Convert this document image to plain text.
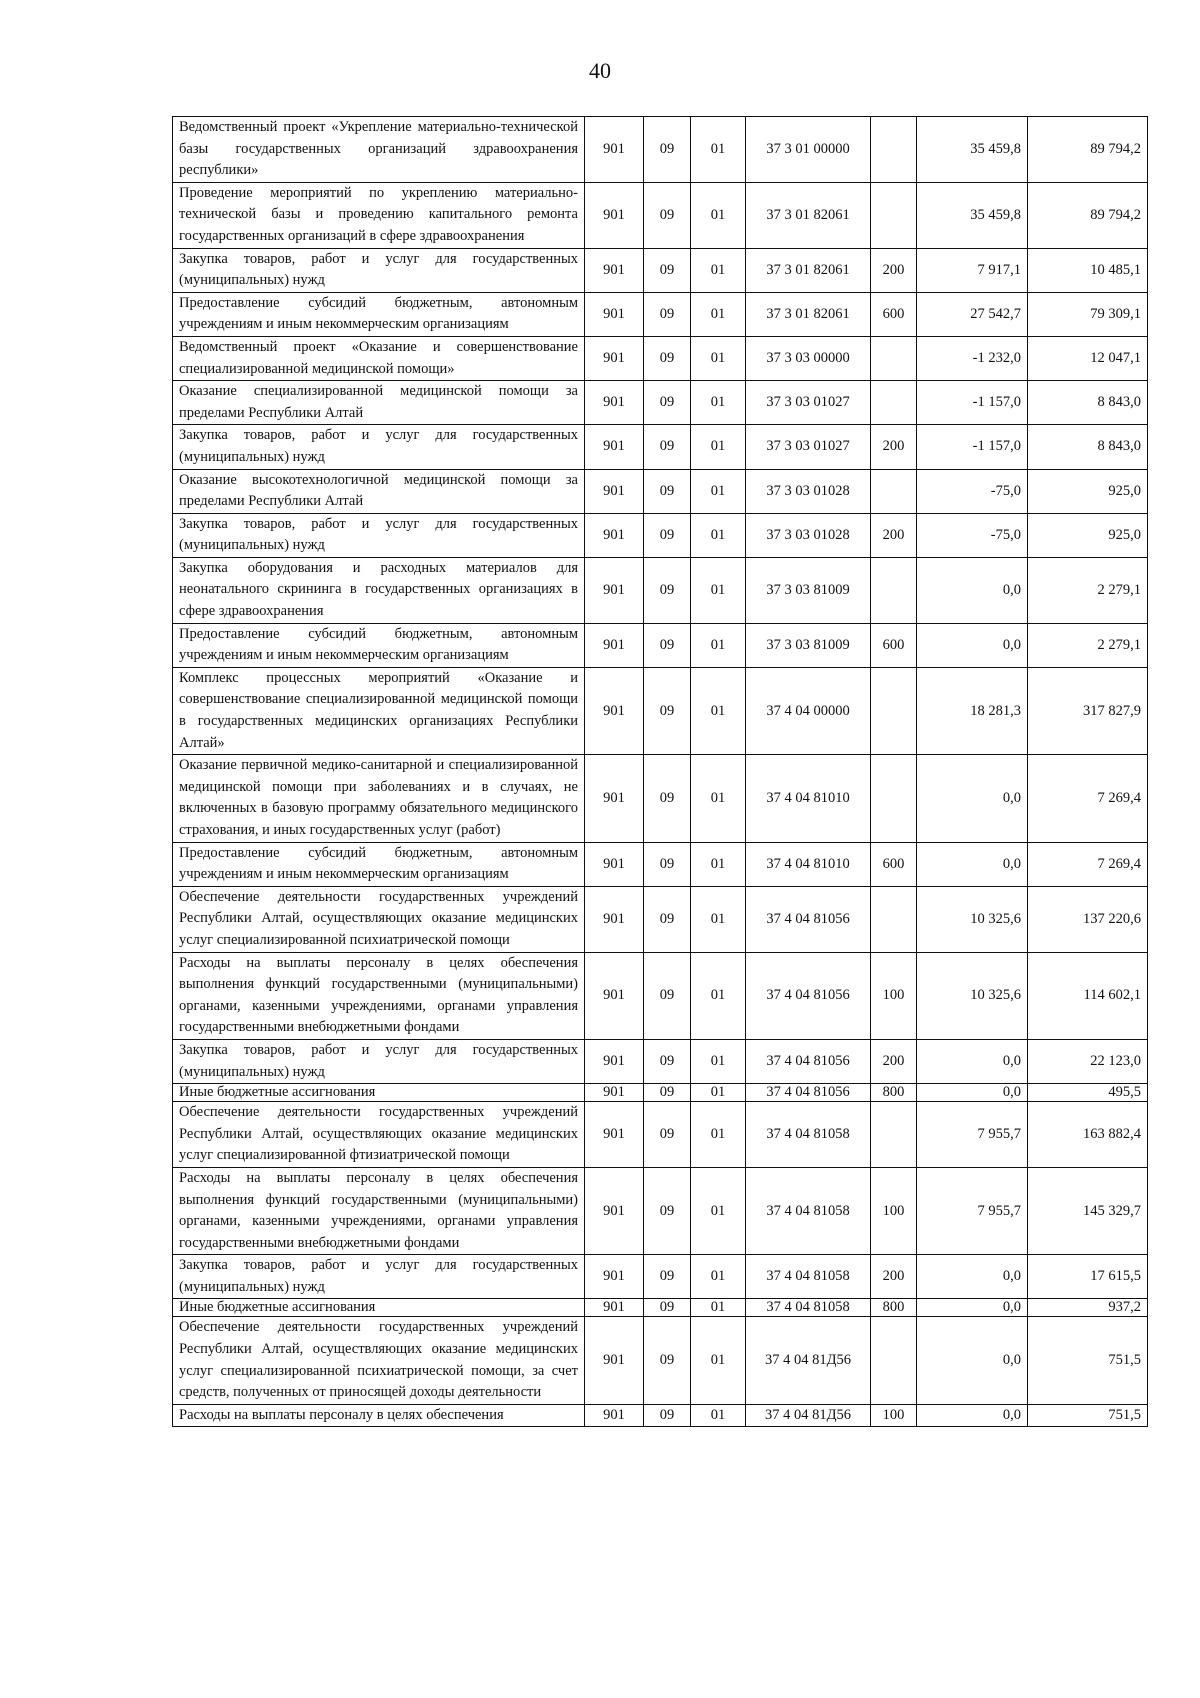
40
Ведомственный проект «Укрепление материально-технической базы государственных организаций здравоохранения республики»	901	09	01	37 3 01 00000		35 459,8	89 794,2
Проведение мероприятий по укреплению материально-технической базы и проведению капитального ремонта государственных организаций в сфере здравоохранения	901	09	01	37 3 01 82061		35 459,8	89 794,2
Закупка товаров, работ и услуг для государственных (муниципальных) нужд	901	09	01	37 3 01 82061	200	7 917,1	10 485,1
Предоставление субсидий бюджетным, автономным учреждениям и иным некоммерческим организациям	901	09	01	37 3 01 82061	600	27 542,7	79 309,1
Ведомственный проект «Оказание и совершенствование специализированной медицинской помощи»	901	09	01	37 3 03 00000		-1 232,0	12 047,1
Оказание специализированной медицинской помощи за пределами Республики Алтай	901	09	01	37 3 03 01027		-1 157,0	8 843,0
Закупка товаров, работ и услуг для государственных (муниципальных) нужд	901	09	01	37 3 03 01027	200	-1 157,0	8 843,0
Оказание высокотехнологичной медицинской помощи за пределами Республики Алтай	901	09	01	37 3 03 01028		-75,0	925,0
Закупка товаров, работ и услуг для государственных (муниципальных) нужд	901	09	01	37 3 03 01028	200	-75,0	925,0
Закупка оборудования и расходных материалов для неонатального скрининга в государственных организациях в сфере здравоохранения	901	09	01	37 3 03 81009		0,0	2 279,1
Предоставление субсидий бюджетным, автономным учреждениям и иным некоммерческим организациям	901	09	01	37 3 03 81009	600	0,0	2 279,1
Комплекс процессных мероприятий «Оказание и совершенствование специализированной медицинской помощи в государственных медицинских организациях Республики Алтай»	901	09	01	37 4 04 00000		18 281,3	317 827,9
Оказание первичной медико-санитарной и специализированной медицинской помощи при заболеваниях и в случаях, не включенных в базовую программу обязательного медицинского страхования, и иных государственных услуг (работ)	901	09	01	37 4 04 81010		0,0	7 269,4
Предоставление субсидий бюджетным, автономным учреждениям и иным некоммерческим организациям	901	09	01	37 4 04 81010	600	0,0	7 269,4
Обеспечение деятельности государственных учреждений Республики Алтай, осуществляющих оказание медицинских услуг специализированной психиатрической помощи	901	09	01	37 4 04 81056		10 325,6	137 220,6
Расходы на выплаты персоналу в целях обеспечения выполнения функций государственными (муниципальными) органами, казенными учреждениями, органами управления государственными внебюджетными фондами	901	09	01	37 4 04 81056	100	10 325,6	114 602,1
Закупка товаров, работ и услуг для государственных (муниципальных) нужд	901	09	01	37 4 04 81056	200	0,0	22 123,0
Иные бюджетные ассигнования	901	09	01	37 4 04 81056	800	0,0	495,5
Обеспечение деятельности государственных учреждений Республики Алтай, осуществляющих оказание медицинских услуг специализированной фтизиатрической помощи	901	09	01	37 4 04 81058		7 955,7	163 882,4
Расходы на выплаты персоналу в целях обеспечения выполнения функций государственными (муниципальными) органами, казенными учреждениями, органами управления государственными внебюджетными фондами	901	09	01	37 4 04 81058	100	7 955,7	145 329,7
Закупка товаров, работ и услуг для государственных (муниципальных) нужд	901	09	01	37 4 04 81058	200	0,0	17 615,5
Иные бюджетные ассигнования	901	09	01	37 4 04 81058	800	0,0	937,2
Обеспечение деятельности государственных учреждений Республики Алтай, осуществляющих оказание медицинских услуг специализированной психиатрической помощи, за счет средств, полученных от приносящей доходы деятельности	901	09	01	37 4 04 81Д56		0,0	751,5
Расходы на выплаты персоналу в целях обеспечения	901	09	01	37 4 04 81Д56	100	0,0	751,5
